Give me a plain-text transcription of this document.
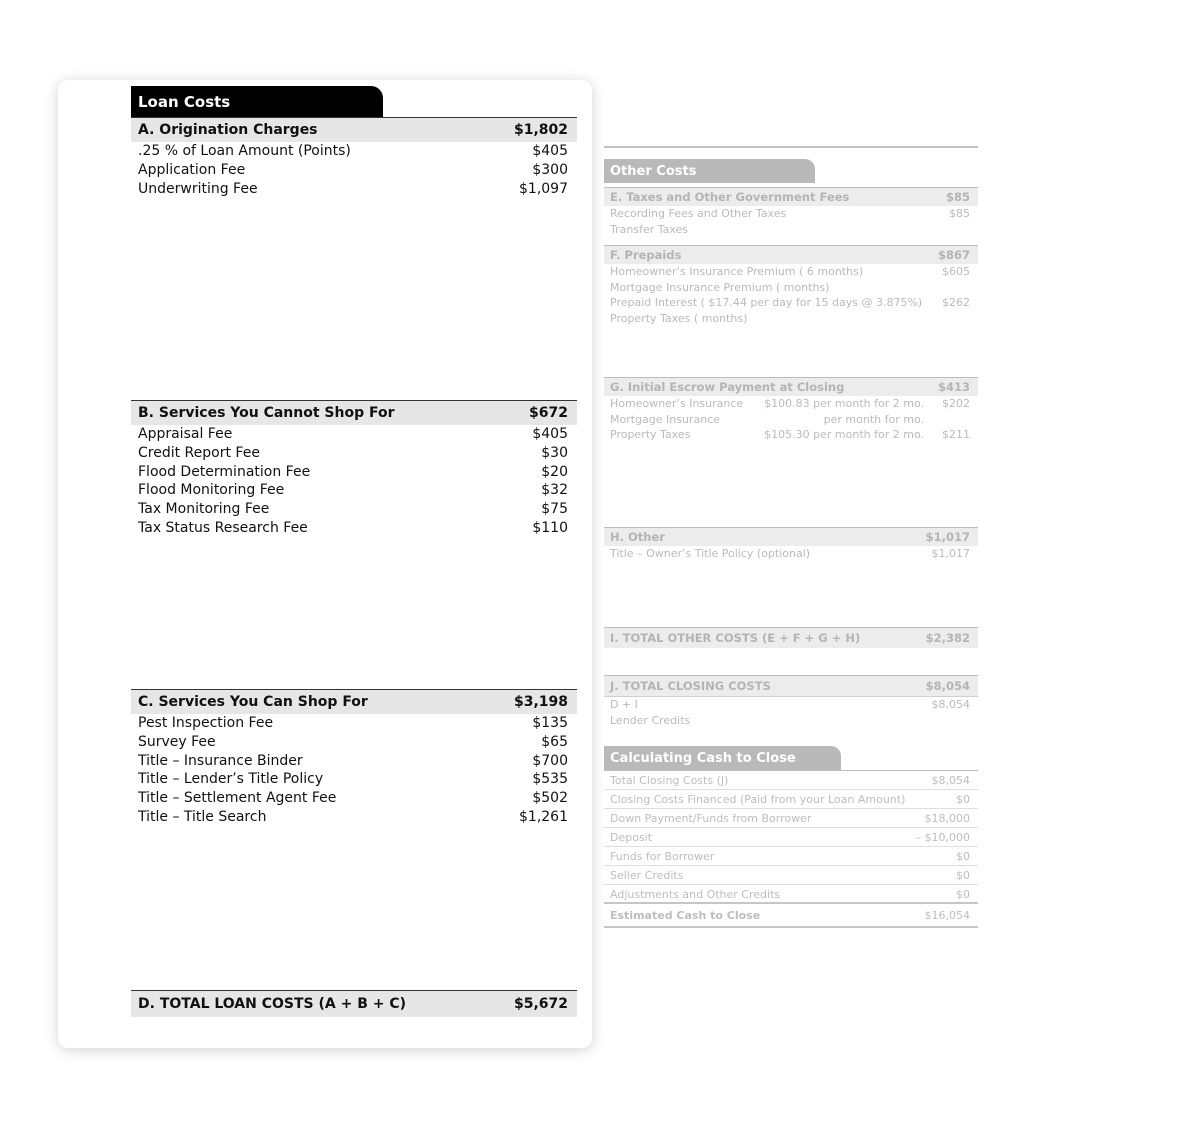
Other Costs
E. Taxes and Other Government Fees	$85
Recording Fees and Other Taxes	$85
Transfer Taxes
F. Prepaids	$867
Homeowner’s Insurance Premium ( 6 months)	$605
Mortgage Insurance Premium ( months)
Prepaid Interest ( $17.44 per day for 15 days @ 3.875%) $262
Property Taxes ( months)
G. Initial Escrow Payment at Closing	$413
Homeowner’s Insurance	$100.83 per month for 2 mo. $202
Mortgage Insurance	per month for mo.
Property Taxes	$105.30 per month for 2 mo. $211
H. Other	$1,017
Title – Owner’s Title Policy (optional)	$1,017
I. TOTAL OTHER COSTS (E + F + G + H)	$2,382
J. TOTAL CLOSING COSTS	$8,054
D + I	$8,054
Lender Credits
Calculating Cash to Close
Total Closing Costs (J)	$8,054
Closing Costs Financed (Paid from your Loan Amount)	$0
Down Payment/Funds from Borrower	$18,000
Deposit	– $10,000
Funds for Borrower	$0
Seller Credits	$0
Adjustments and Other Credits	$0
Estimated Cash to Close	$16,054
Loan Costs
A. Origination Charges	$1,802
.25 % of Loan Amount (Points)	$405
Application Fee	$300
Underwriting Fee	$1,097
B. Services You Cannot Shop For	$672
Appraisal Fee	$405
Credit Report Fee	$30
Flood Determination Fee	$20
Flood Monitoring Fee	$32
Tax Monitoring Fee	$75
Tax Status Research Fee	$110
C. Services You Can Shop For	$3,198
Pest Inspection Fee	$135
Survey Fee	$65
Title – Insurance Binder	$700
Title – Lender’s Title Policy	$535
Title – Settlement Agent Fee	$502
Title – Title Search	$1,261
D. TOTAL LOAN COSTS (A + B + C)	$5,672
